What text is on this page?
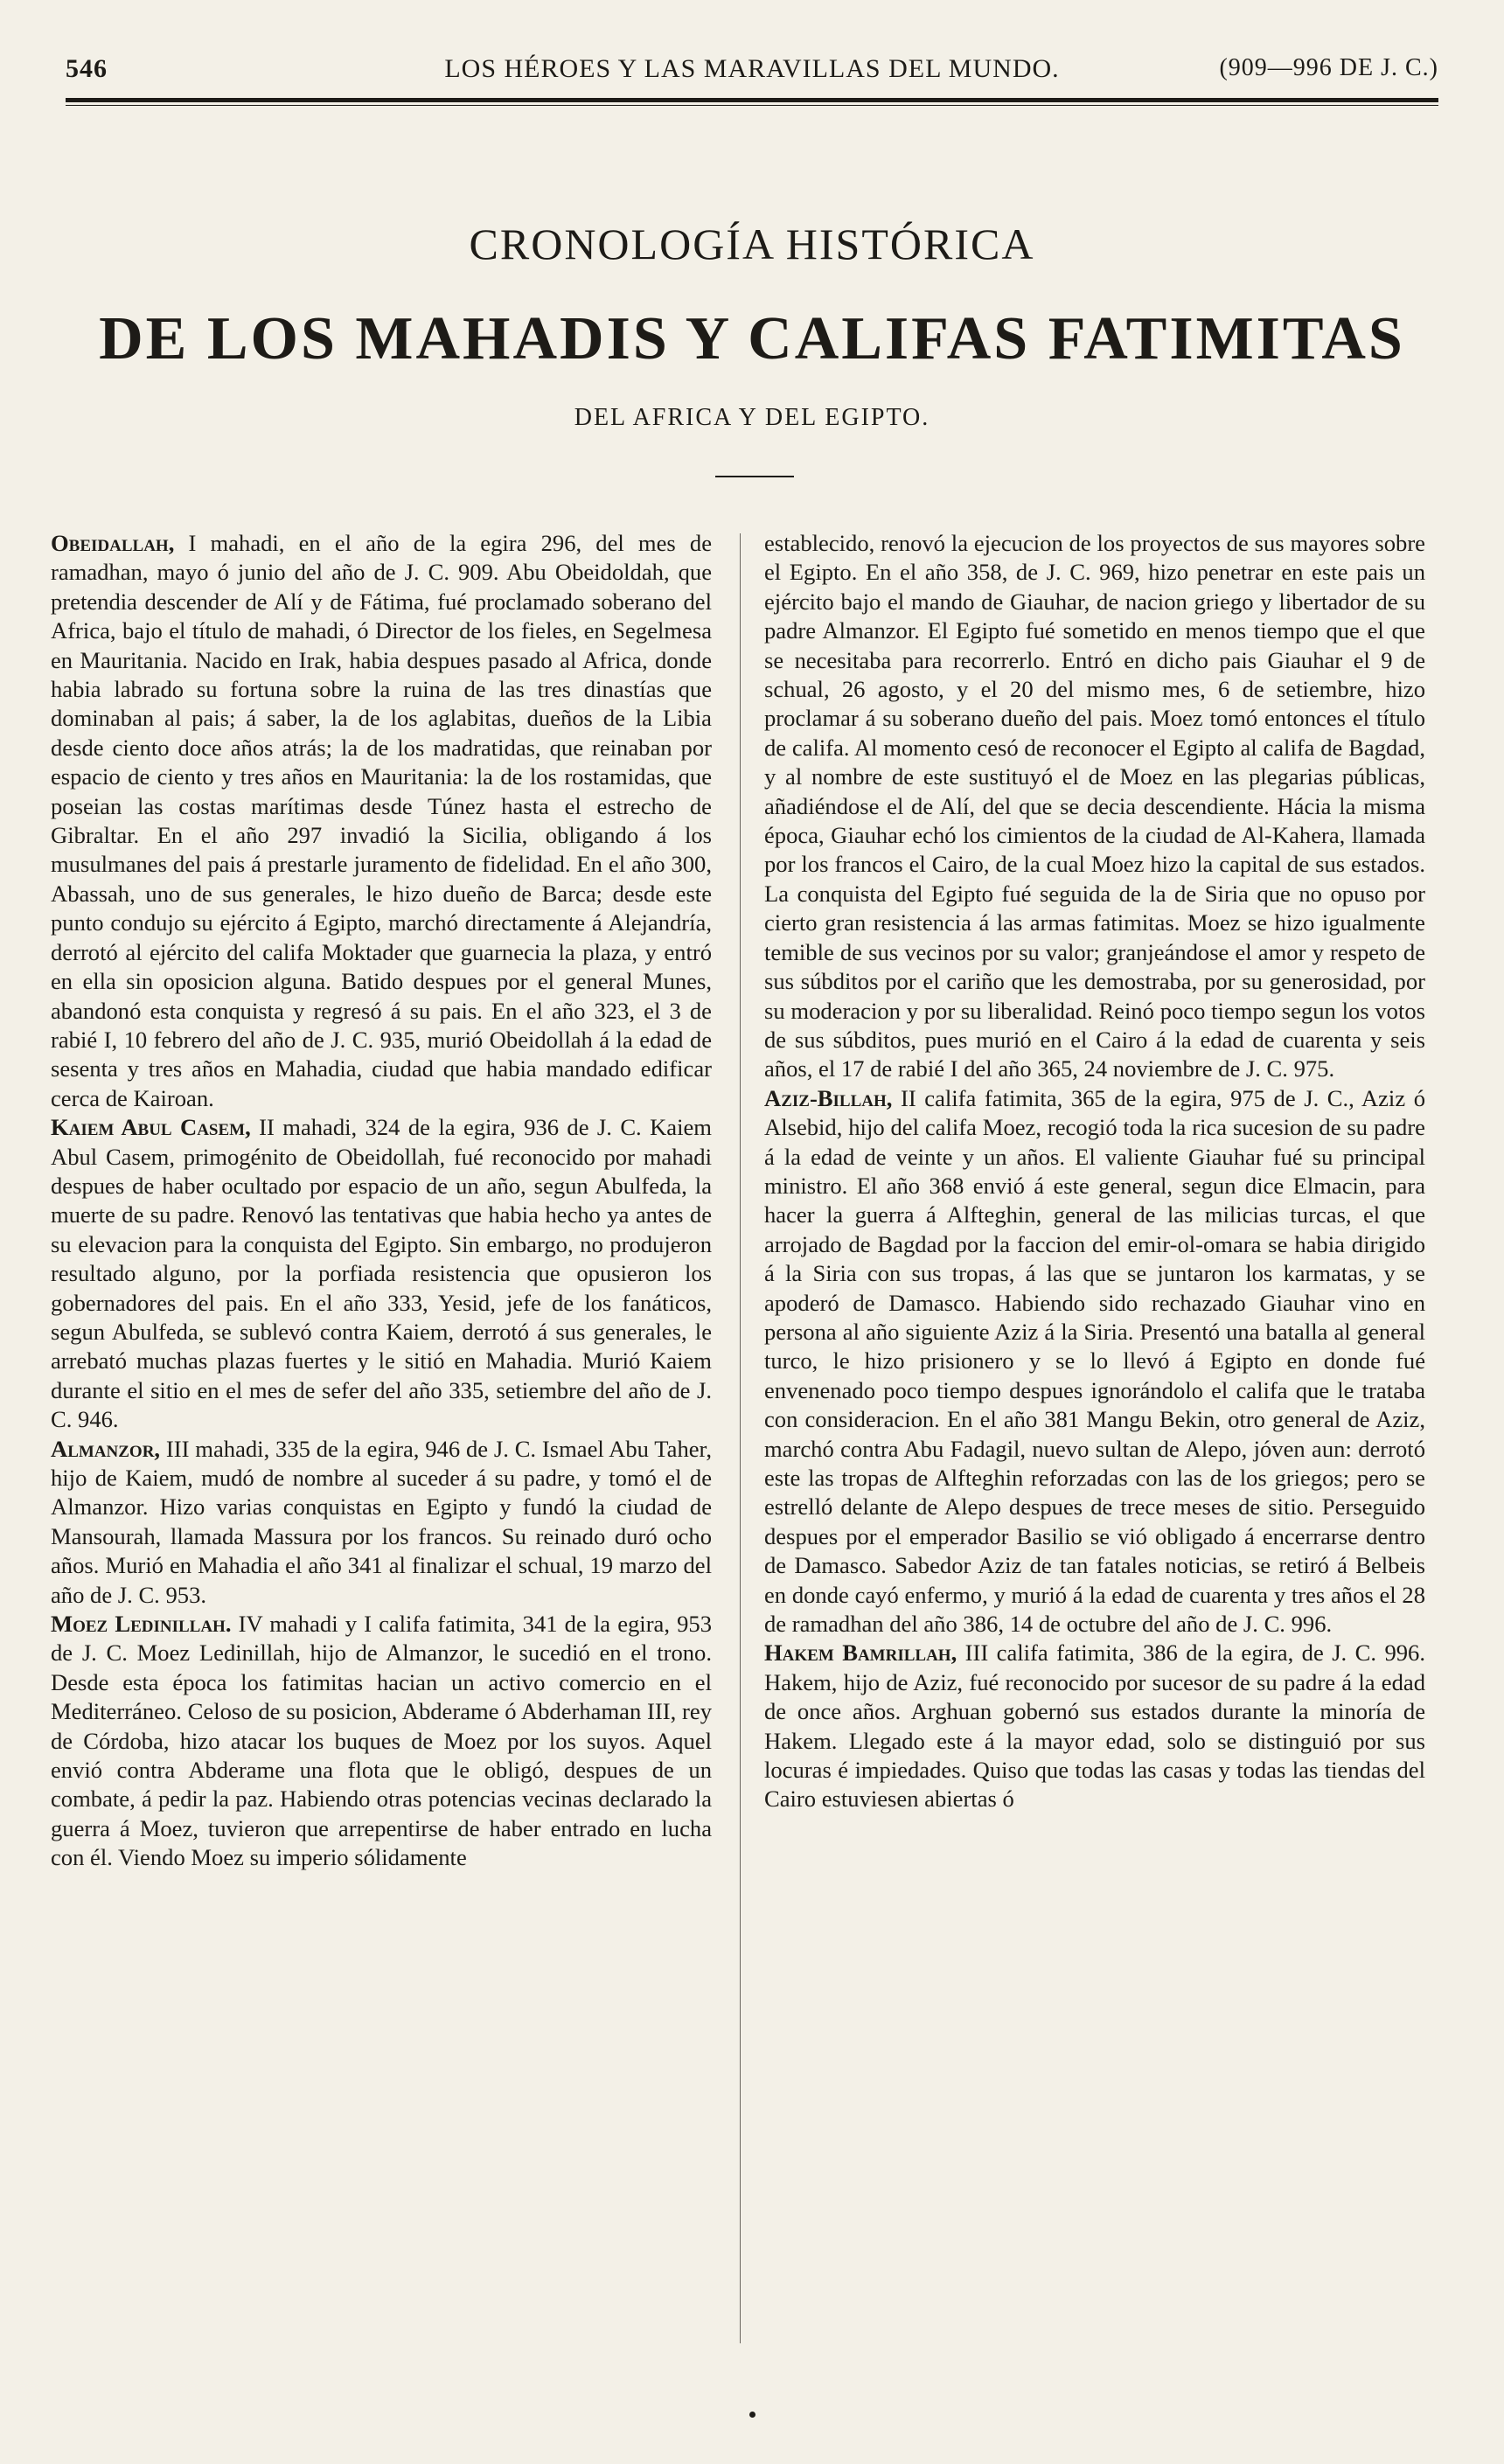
546	LOS HÉROES Y LAS MARAVILLAS DEL MUNDO.	(909—996 DE J. C.)
CRONOLOGÍA HISTÓRICA
DE LOS MAHADIS Y CALIFAS FATIMITAS
DEL AFRICA Y DEL EGIPTO.

Obeidallah, I mahadi, en el año de la egira 296, del mes de ramadhan, mayo ó junio del año de J. C. 909. Abu Obeidoldah, que pretendia descender de Alí y de Fátima, fué proclamado soberano del Africa, bajo el título de mahadi, ó Director de los fieles, en Segelmesa en Mauritania. Nacido en Irak, habia despues pasado al Africa, donde habia labrado su fortuna sobre la ruina de las tres dinastías que dominaban al pais; á saber, la de los aglabitas, dueños de la Libia desde ciento doce años atrás; la de los madratidas, que reinaban por espacio de ciento y tres años en Mauritania: la de los rostamidas, que poseian las costas marítimas desde Túnez hasta el estrecho de Gibraltar. En el año 297 invadió la Sicilia, obligando á los musulmanes del pais á prestarle juramento de fidelidad. En el año 300, Abassah, uno de sus generales, le hizo dueño de Barca; desde este punto condujo su ejército á Egipto, marchó directamente á Alejandría, derrotó al ejército del califa Moktader que guarnecia la plaza, y entró en ella sin oposicion alguna. Batido despues por el general Munes, abandonó esta conquista y regresó á su pais. En el año 323, el 3 de rabié I, 10 febrero del año de J. C. 935, murió Obeidollah á la edad de sesenta y tres años en Mahadia, ciudad que habia mandado edificar cerca de Kairoan.

Kaiem Abul Casem, II mahadi, 324 de la egira, 936 de J. C. Kaiem Abul Casem, primogénito de Obeidollah, fué reconocido por mahadi despues de haber ocultado por espacio de un año, segun Abulfeda, la muerte de su padre. Renovó las tentativas que habia hecho ya antes de su elevacion para la conquista del Egipto. Sin embargo, no produjeron resultado alguno, por la porfiada resistencia que opusieron los gobernadores del pais. En el año 333, Yesid, jefe de los fanáticos, segun Abulfeda, se sublevó contra Kaiem, derrotó á sus generales, le arrebató muchas plazas fuertes y le sitió en Mahadia. Murió Kaiem durante el sitio en el mes de sefer del año 335, setiembre del año de J. C. 946.

Almanzor, III mahadi, 335 de la egira, 946 de J. C. Ismael Abu Taher, hijo de Kaiem, mudó de nombre al suceder á su padre, y tomó el de Almanzor. Hizo varias conquistas en Egipto y fundó la ciudad de Mansourah, llamada Massura por los francos. Su reinado duró ocho años. Murió en Mahadia el año 341 al finalizar el schual, 19 marzo del año de J. C. 953.

Moez Ledinillah. IV mahadi y I califa fatimita, 341 de la egira, 953 de J. C. Moez Ledinillah, hijo de Almanzor, le sucedió en el trono. Desde esta época los fatimitas hacian un activo comercio en el Mediterráneo. Celoso de su posicion, Abderame ó Abderhaman III, rey de Córdoba, hizo atacar los buques de Moez por los suyos. Aquel envió contra Abderame una flota que le obligó, despues de un combate, á pedir la paz. Habiendo otras potencias vecinas declarado la guerra á Moez, tuvieron que arrepentirse de haber entrado en lucha con él. Viendo Moez su imperio sólidamente

establecido, renovó la ejecucion de los proyectos de sus mayores sobre el Egipto. En el año 358, de J. C. 969, hizo penetrar en este pais un ejército bajo el mando de Giauhar, de nacion griego y libertador de su padre Almanzor. El Egipto fué sometido en menos tiempo que el que se necesitaba para recorrerlo. Entró en dicho pais Giauhar el 9 de schual, 26 agosto, y el 20 del mismo mes, 6 de setiembre, hizo proclamar á su soberano dueño del pais. Moez tomó entonces el título de califa. Al momento cesó de reconocer el Egipto al califa de Bagdad, y al nombre de este sustituyó el de Moez en las plegarias públicas, añadiéndose el de Alí, del que se decia descendiente. Hácia la misma época, Giauhar echó los cimientos de la ciudad de Al-Kahera, llamada por los francos el Cairo, de la cual Moez hizo la capital de sus estados. La conquista del Egipto fué seguida de la de Siria que no opuso por cierto gran resistencia á las armas fatimitas. Moez se hizo igualmente temible de sus vecinos por su valor; granjeándose el amor y respeto de sus súbditos por el cariño que les demostraba, por su generosidad, por su moderacion y por su liberalidad. Reinó poco tiempo segun los votos de sus súbditos, pues murió en el Cairo á la edad de cuarenta y seis años, el 17 de rabié I del año 365, 24 noviembre de J. C. 975.

Aziz-Billah, II califa fatimita, 365 de la egira, 975 de J. C., Aziz ó Alsebid, hijo del califa Moez, recogió toda la rica sucesion de su padre á la edad de veinte y un años. El valiente Giauhar fué su principal ministro. El año 368 envió á este general, segun dice Elmacin, para hacer la guerra á Alfteghin, general de las milicias turcas, el que arrojado de Bagdad por la faccion del emir-ol-omara se habia dirigido á la Siria con sus tropas, á las que se juntaron los karmatas, y se apoderó de Damasco. Habiendo sido rechazado Giauhar vino en persona al año siguiente Aziz á la Siria. Presentó una batalla al general turco, le hizo prisionero y se lo llevó á Egipto en donde fué envenenado poco tiempo despues ignorándolo el califa que le trataba con consideracion. En el año 381 Mangu Bekin, otro general de Aziz, marchó contra Abu Fadagil, nuevo sultan de Alepo, jóven aun: derrotó este las tropas de Alfteghin reforzadas con las de los griegos; pero se estrelló delante de Alepo despues de trece meses de sitio. Perseguido despues por el emperador Basilio se vió obligado á encerrarse dentro de Damasco. Sabedor Aziz de tan fatales noticias, se retiró á Belbeis en donde cayó enfermo, y murió á la edad de cuarenta y tres años el 28 de ramadhan del año 386, 14 de octubre del año de J. C. 996.

Hakem Bamrillah, III califa fatimita, 386 de la egira, de J. C. 996. Hakem, hijo de Aziz, fué reconocido por sucesor de su padre á la edad de once años. Arghuan gobernó sus estados durante la minoría de Hakem. Llegado este á la mayor edad, solo se distinguió por sus locuras é impiedades. Quiso que todas las casas y todas las tiendas del Cairo estuviesen abiertas ó
